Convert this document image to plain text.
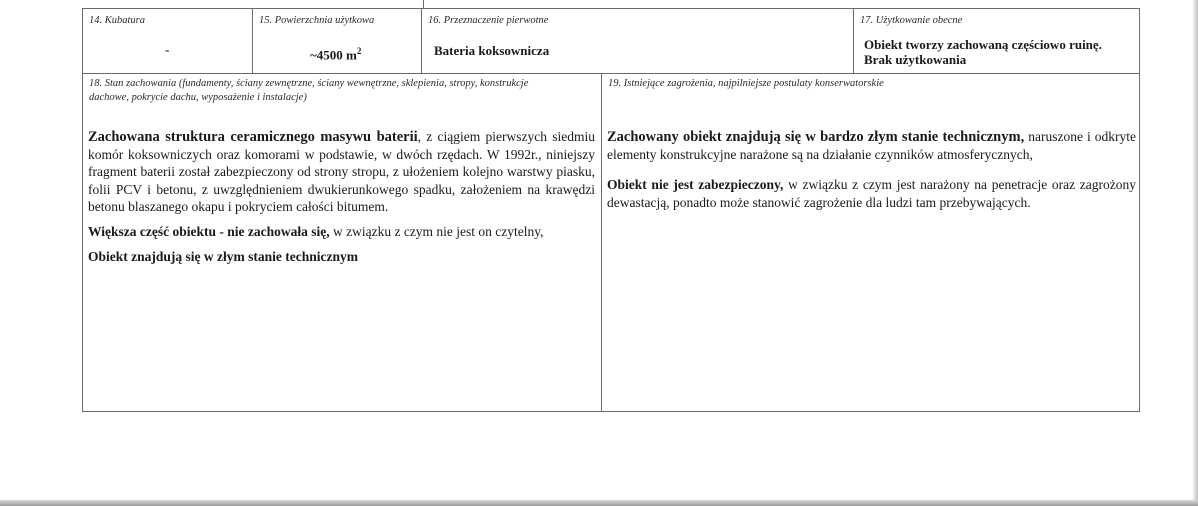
14. Kubatura
-
15. Powierzchnia użytkowa
~4500 $m^2$
16. Przeznaczenie pierwotne
Bateria koksownicza
17. Użytkowanie obecne
Obiekt tworzy zachowaną częściowo ruinę.
Brak użytkowania
18. Stan zachowania (fundamenty, ściany zewnętrzne, ściany wewnętrzne, sklepienia, stropy, konstrukcje
dachowe, pokrycie dachu, wyposażenie i instalacje)

Zachowana struktura ceramicznego masywu baterii, z ciągiem pierwszych siedmiu komór koksowniczych oraz komorami w podstawie, w dwóch rzędach. W 1992r., niniejszy fragment baterii został zabezpieczony od strony stropu, z ułożeniem kolejno warstwy piasku, folii PCV i betonu, z uwzględnieniem dwukierunkowego spadku, założeniem na krawędzi betonu blaszanego okapu i pokryciem całości bitumem.

Większa część obiektu - nie zachowała się, w związku z czym nie jest on czytelny,

Obiekt znajdują się w złym stanie technicznym

19. Istniejące zagrożenia, najpilniejsze postulaty konserwatorskie

Zachowany obiekt znajdują się w bardzo złym stanie technicznym, naruszone i odkryte elementy konstrukcyjne narażone są na działanie czynników atmosferycznych,

Obiekt nie jest zabezpieczony, w związku z czym jest narażony na penetracje oraz zagrożony dewastacją, ponadto może stanowić zagrożenie dla ludzi tam przebywających.
